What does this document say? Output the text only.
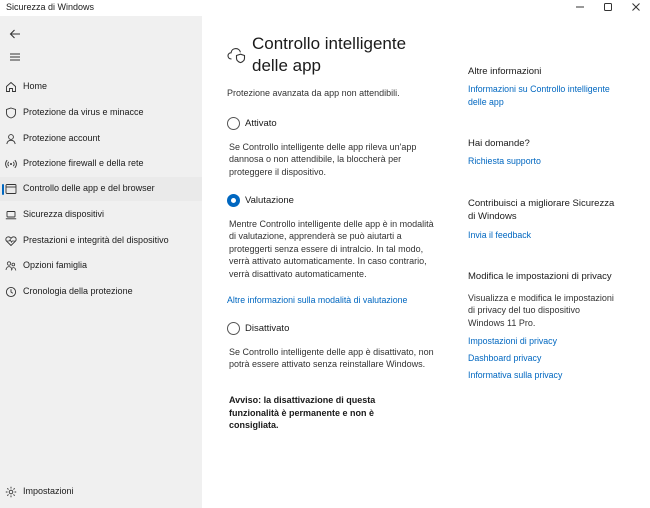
Sicurezza di Windows
Home
Protezione da virus e minacce
Protezione account
Protezione firewall e della rete
Controllo delle app e del browser
Sicurezza dispositivi
Prestazioni e integrità del dispositivo
Opzioni famiglia
Cronologia della protezione
Impostazioni
Controllo intelligente
delle app
Protezione avanzata da app non attendibili.
Attivato
Se Controllo intelligente delle app rileva un'app dannosa o non attendibile, la bloccherà per proteggere il dispositivo.
Valutazione
Mentre Controllo intelligente delle app è in modalità di valutazione, apprenderà se può aiutarti a proteggerti senza essere di intralcio. In tal modo, verrà attivato automaticamente. In caso contrario, verrà disattivato automaticamente.
Altre informazioni sulla modalità di valutazione
Disattivato
Se Controllo intelligente delle app è disattivato, non potrà essere attivato senza reinstallare Windows.
Avviso: la disattivazione di questa funzionalità è permanente e non è consigliata.
Altre informazioni
Informazioni su Controllo intelligente delle app
Hai domande?
Richiesta supporto
Contribuisci a migliorare Sicurezza di Windows
Invia il feedback
Modifica le impostazioni di privacy
Visualizza e modifica le impostazioni di privacy del tuo dispositivo Windows 11 Pro.
Impostazioni di privacy
Dashboard privacy
Informativa sulla privacy
